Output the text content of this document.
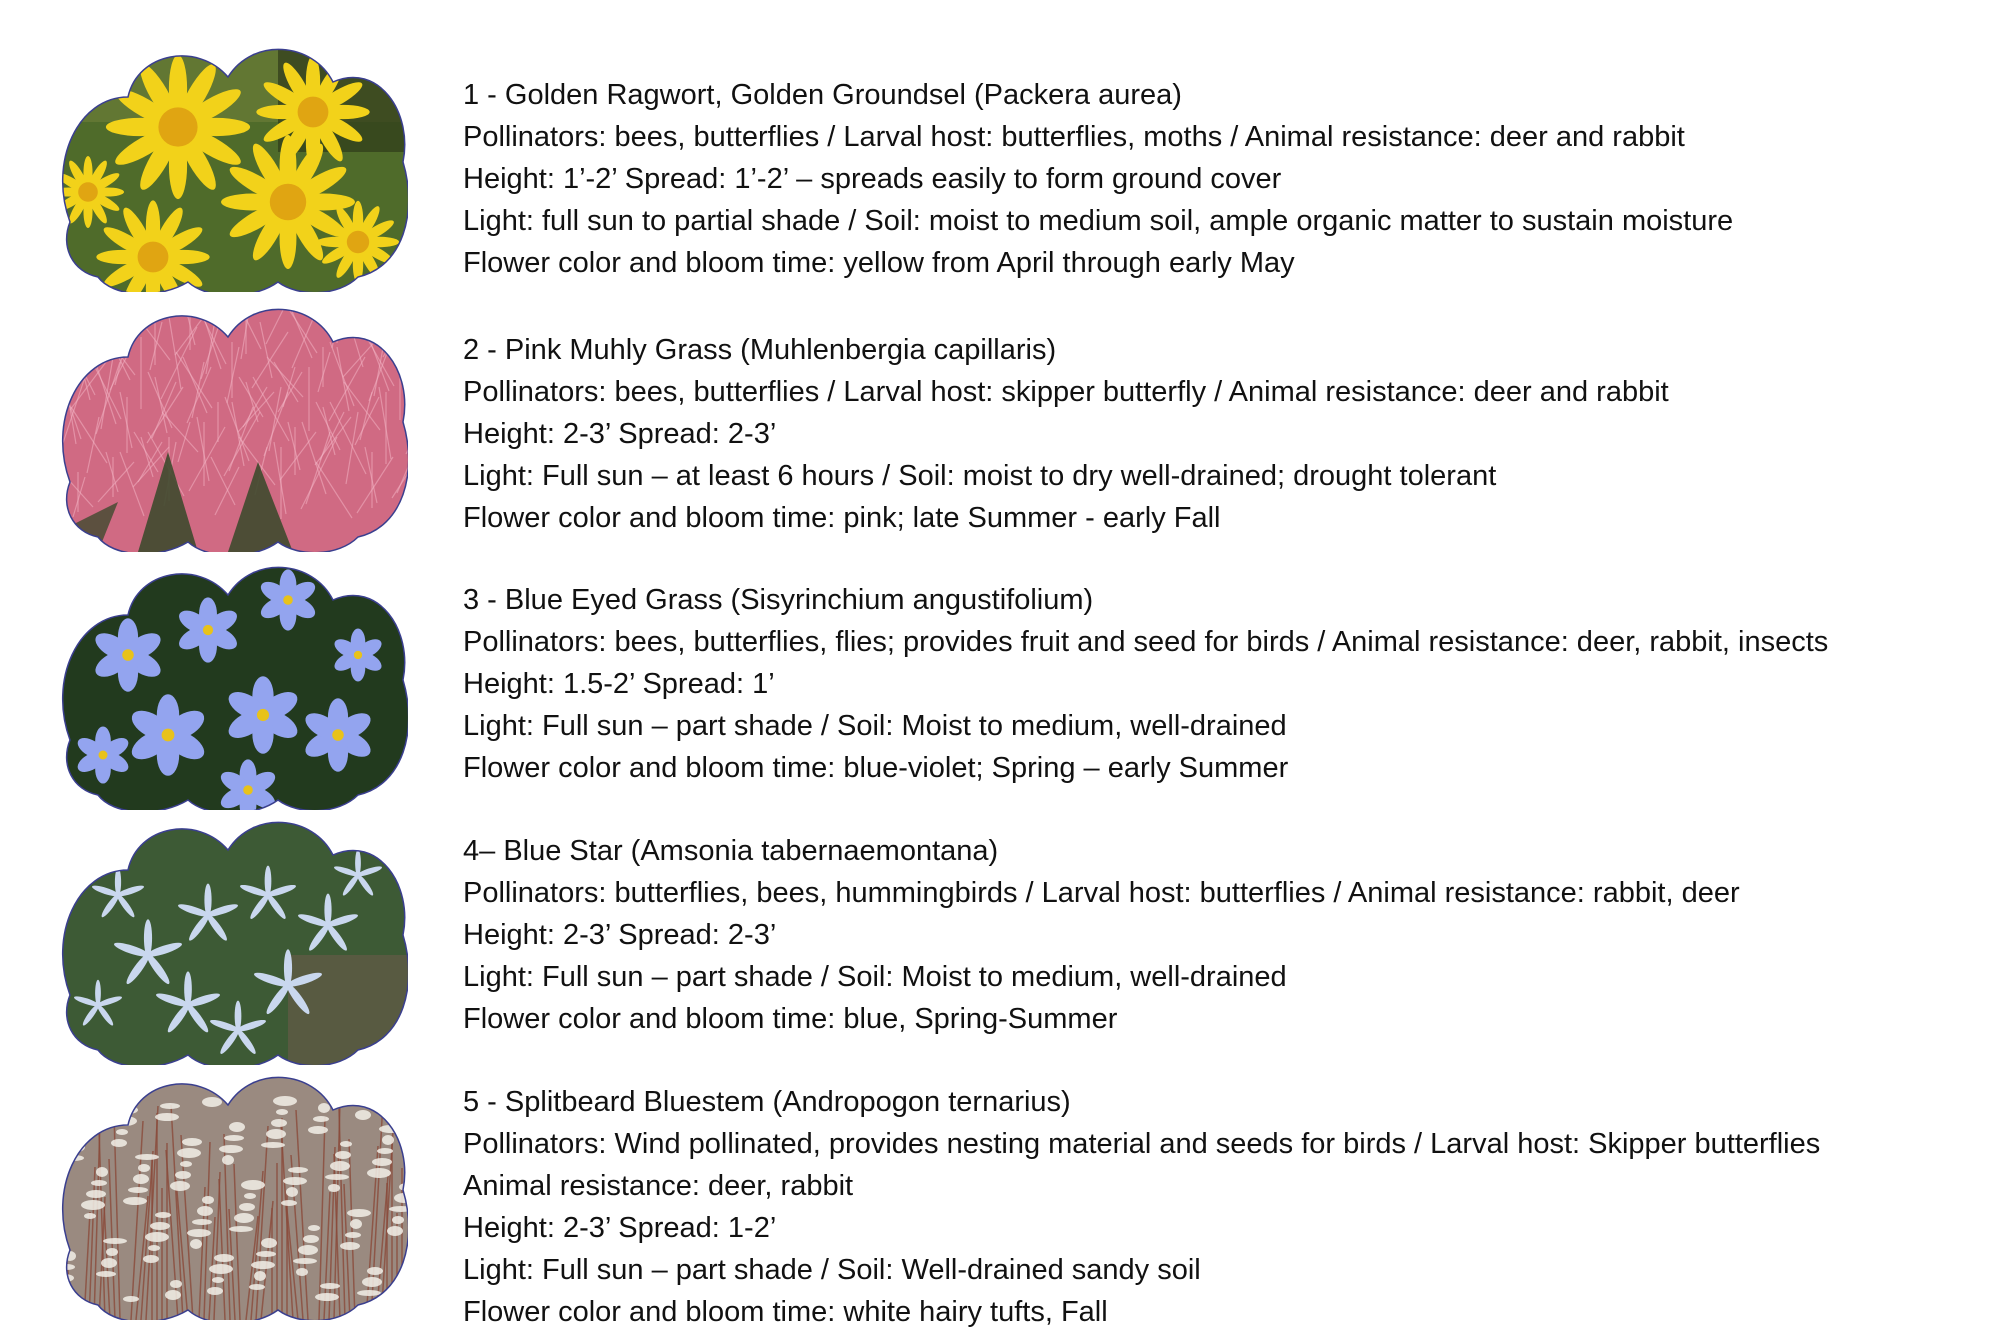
1 - Golden Ragwort, Golden Groundsel (Packera aurea)
Pollinators: bees, butterflies / Larval host: butterflies, moths / Animal resistance: deer and rabbit
Height: 1’-2’ Spread: 1’-2’ – spreads easily to form ground cover
Light: full sun to partial shade / Soil: moist to medium soil, ample organic matter to sustain moisture
Flower color and bloom time: yellow from April through early May
2 - Pink Muhly Grass (Muhlenbergia capillaris)
Pollinators: bees, butterflies / Larval host: skipper butterfly / Animal resistance: deer and rabbit
Height: 2-3’ Spread: 2-3’
Light: Full sun – at least 6 hours / Soil: moist to dry well-drained; drought tolerant
Flower color and bloom time: pink; late Summer - early Fall
3 - Blue Eyed Grass (Sisyrinchium angustifolium)
Pollinators: bees, butterflies, flies; provides fruit and seed for birds / Animal resistance: deer, rabbit, insects
Height: 1.5-2’ Spread: 1’
Light: Full sun – part shade / Soil: Moist to medium, well-drained
Flower color and bloom time: blue-violet; Spring – early Summer
4– Blue Star (Amsonia tabernaemontana)
Pollinators: butterflies, bees, hummingbirds / Larval host: butterflies / Animal resistance: rabbit, deer
Height: 2-3’ Spread: 2-3’
Light: Full sun – part shade / Soil: Moist to medium, well-drained
Flower color and bloom time: blue, Spring-Summer
5 - Splitbeard Bluestem (Andropogon ternarius)
Pollinators: Wind pollinated, provides nesting material and seeds for birds / Larval host: Skipper butterflies
Animal resistance: deer, rabbit
Height: 2-3’ Spread: 1-2’
Light: Full sun – part shade / Soil: Well-drained sandy soil
Flower color and bloom time: white hairy tufts, Fall
